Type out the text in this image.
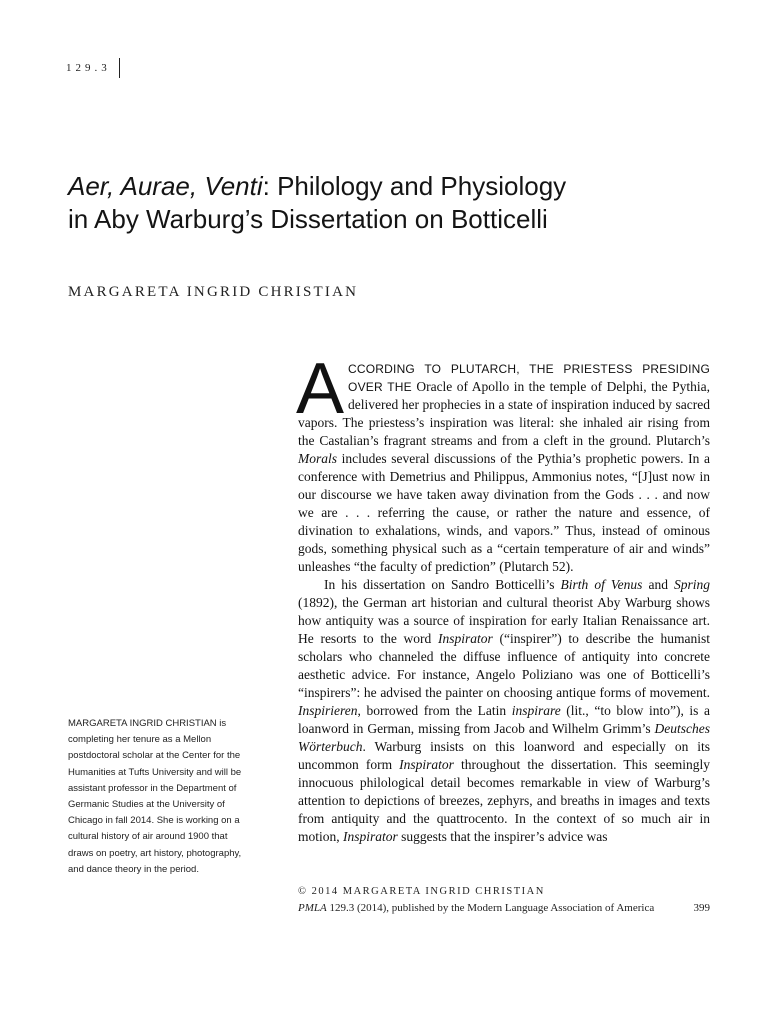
129.3
Aer, Aurae, Venti: Philology and Physiology
in Aby Warburg’s Dissertation on Botticelli
MARGARETA INGRID CHRISTIAN
MARGARETA INGRID CHRISTIAN is completing her tenure as a Mellon postdoctoral scholar at the Center for the Humanities at Tufts University and will be assistant professor in the Department of Germanic Studies at the University of Chicago in fall 2014. She is working on a cultural history of air around 1900 that draws on poetry, art history, photography, and dance theory in the period.

ACCORDING TO PLUTARCH, THE PRIESTESS PRESIDING OVER THE Oracle of Apollo in the temple of Delphi, the Pythia, delivered her prophecies in a state of inspiration induced by sacred vapors. The priestess’s inspiration was literal: she inhaled air rising from the Castalian’s fragrant streams and from a cleft in the ground. Plutarch’s Morals includes several discussions of the Pythia’s prophetic powers. In a conference with Demetrius and Philippus, Ammonius notes, “[J]ust now in our discourse we have taken away divination from the Gods . . . and now we are . . . referring the cause, or rather the nature and essence, of divination to exhalations, winds, and vapors.” Thus, instead of ominous gods, something physical such as a “certain temperature of air and winds” unleashes “the faculty of prediction” (Plutarch 52).

In his dissertation on Sandro Botticelli’s Birth of Venus and Spring (1892), the German art historian and cultural theorist Aby Warburg shows how antiquity was a source of inspiration for early Italian Renaissance art. He resorts to the word Inspirator (“inspirer”) to describe the humanist scholars who channeled the diffuse influence of antiquity into concrete aesthetic advice. For instance, Angelo Poliziano was one of Botticelli’s “inspirers”: he advised the painter on choosing antique forms of movement. Inspirieren, borrowed from the Latin inspirare (lit., “to blow into”), is a loanword in German, missing from Jacob and Wilhelm Grimm’s Deutsches Wörterbuch. Warburg insists on this loanword and especially on its uncommon form Inspirator throughout the dissertation. This seemingly innocuous philological detail becomes remarkable in view of Warburg’s attention to depictions of breezes, zephyrs, and breaths in images and texts from antiquity and the quattrocento. In the context of so much air in motion, Inspirator suggests that the inspirer’s advice was

© 2014 MARGARETA INGRID CHRISTIAN
PMLA 129.3 (2014), published by the Modern Language Association of America	399
